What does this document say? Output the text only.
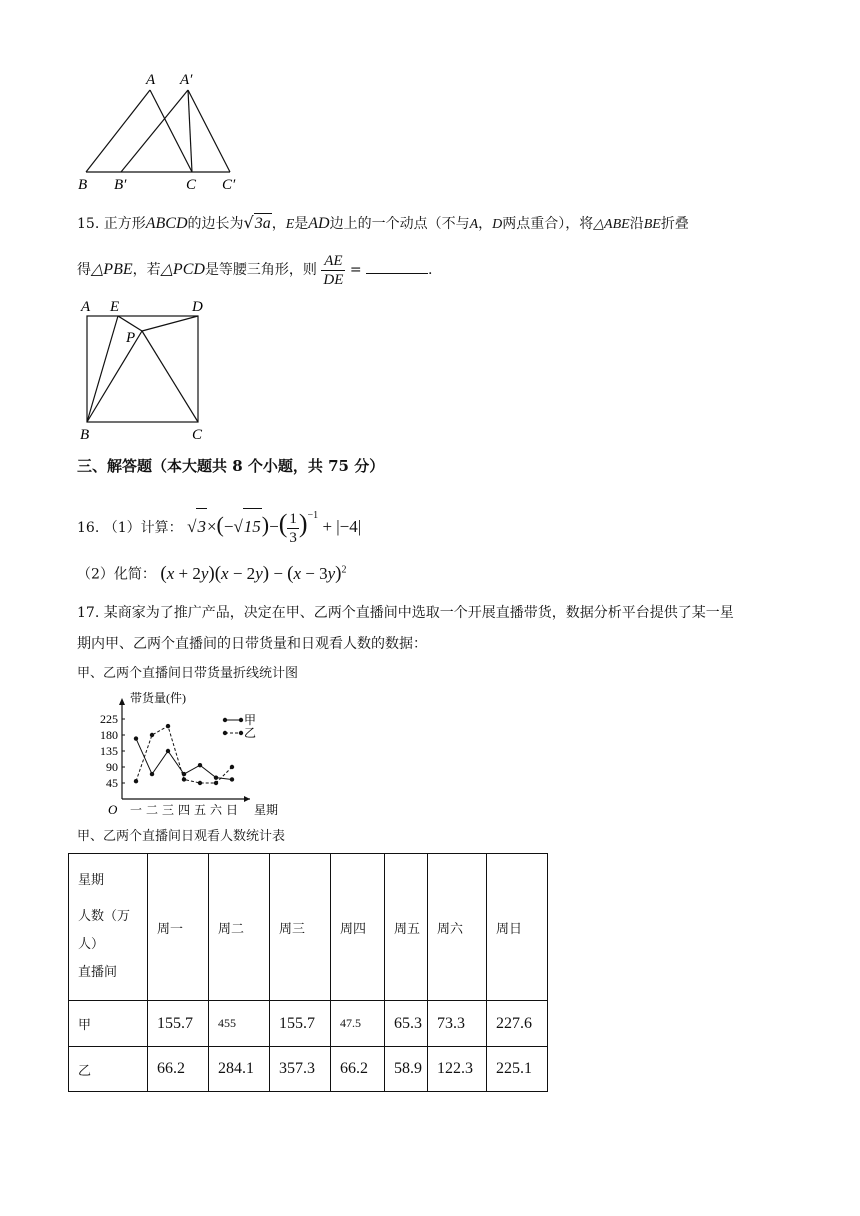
A A′
B B′	C C′
15. 正方形ABCD的边长为√3a，E是AD边上的一个动点（不与A，D两点重合），将△ABE沿BE折叠
得△PBE，若△PCD是等腰三角形，则 $\frac{AE}{DE}$ =	.
A E	D
P
B	C
三、解答题（本大题共 8 个小题，共 75 分）
16. （1）计算： $√3\times(-√15)-( \frac{1}{3} )^{-1} + |-4|$
（2）化简： $(x + 2y)(x - 2y) - (x - 3y)^2$
17. 某商家为了推广产品，决定在甲、乙两个直播间中选取一个开展直播带货，数据分析平台提供了某一星
期内甲、乙两个直播间的日带货量和日观看人数的数据：
甲、乙两个直播间日带货量折线统计图
带货量(件)
星期
O
45
90
135
180
225
一 二 三 四 五 六 日
甲
乙
甲、乙两个直播间日观看人数统计表
星期
人数（万
人）
直播间	周一	周二	周三	周四	周五	周六	周日
甲	155.7	455	155.7	47.5	65.3	73.3	227.6
乙	66.2	284.1	357.3	66.2	58.9	122.3	225.1
